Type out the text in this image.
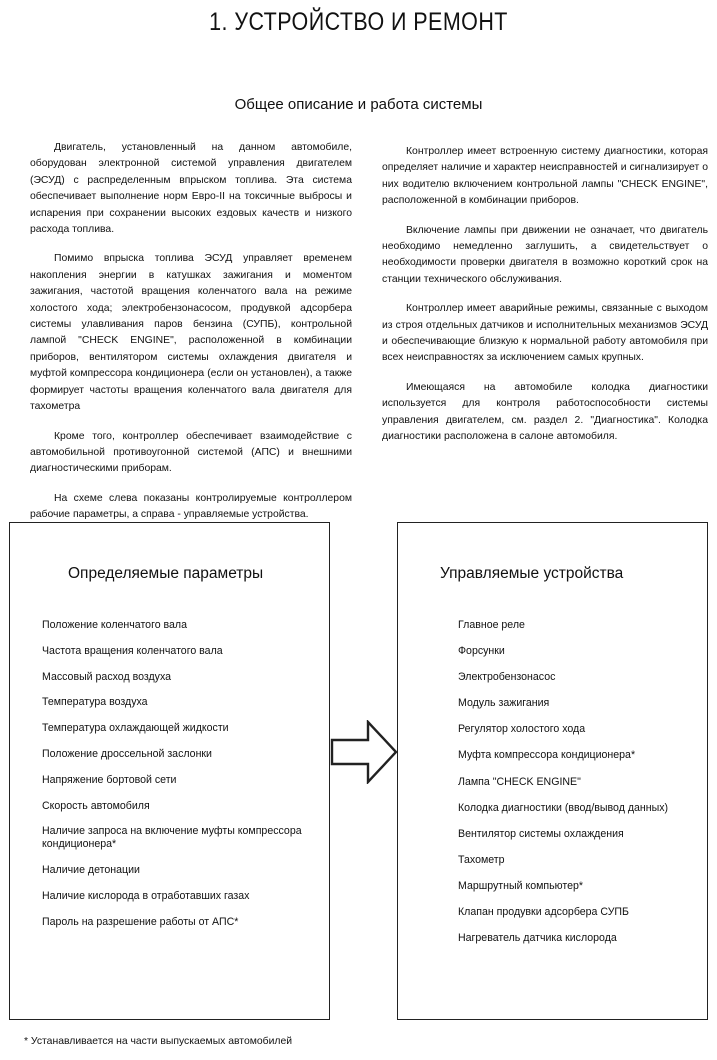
1. УСТРОЙСТВО И РЕМОНТ
Общее описание и работа системы

Двигатель, установленный на данном автомобиле, оборудован электронной системой управления двигателем (ЭСУД) с распределенным впрыском топлива. Эта система обеспечивает выполнение норм Евро-II на токсичные выбросы и испарения при сохранении высоких ездовых качеств и низкого расхода топлива.

Помимо впрыска топлива ЭСУД управляет временем накопления энергии в катушках зажигания и моментом зажигания, частотой вращения коленчатого вала на режиме холостого хода; электробензонасосом, продувкой адсорбера системы улавливания паров бензина (СУПБ), контрольной лампой "CHECK ENGINE", расположенной в комбинации приборов, вентилятором системы охлаждения двигателя и муфтой компрессора кондиционера (если он установлен), а также формирует частоты вращения коленчатого вала двигателя для тахометра

Кроме того, контроллер обеспечивает взаимодействие с автомобильной противоугонной системой (АПС) и внешними диагностическими приборам.

На схеме слева показаны контролируемые контроллером рабочие параметры, а справа - управляемые устройства.

Контроллер имеет встроенную систему диагностики, которая определяет наличие и характер неисправностей и сигнализирует о них водителю включением контрольной лампы "CHECK ENGINE", расположенной в комбинации приборов.

Включение лампы при движении не означает, что двигатель необходимо немедленно заглушить, а свидетельствует о необходимости проверки двигателя в возможно короткий срок на станции технического обслуживания.

Контроллер имеет аварийные режимы, связанные с выходом из строя отдельных датчиков и исполнительных механизмов ЭСУД и обеспечивающие близкую к нормальной работу автомобиля при всех неисправностях за исключением самых крупных.

Имеющаяся на автомобиле колодка диагностики используется для контроля работоспособности системы управления двигателем, см. раздел 2. "Диагностика". Колодка диагностики расположена в салоне автомобиля.

Определяемые параметры
Положение коленчатого вала
Частота вращения коленчатого вала
Массовый расход воздуха
Температура воздуха
Температура охлаждающей жидкости
Положение дроссельной заслонки
Напряжение бортовой сети
Скорость автомобиля
Наличие запроса на включение муфты компрессора кондиционера*
Наличие детонации
Наличие кислорода в отработавших газах
Пароль на разрешение работы от АПС*
Управляемые устройства
Главное реле
Форсунки
Электробензонасос
Модуль зажигания
Регулятор холостого хода
Муфта компрессора кондиционера*
Лампа "CHECK ENGINE"
Колодка диагностики (ввод/вывод данных)
Вентилятор системы охлаждения
Тахометр
Маршрутный компьютер*
Клапан продувки адсорбера СУПБ
Нагреватель датчика кислорода
* Устанавливается на части выпускаемых автомобилей
